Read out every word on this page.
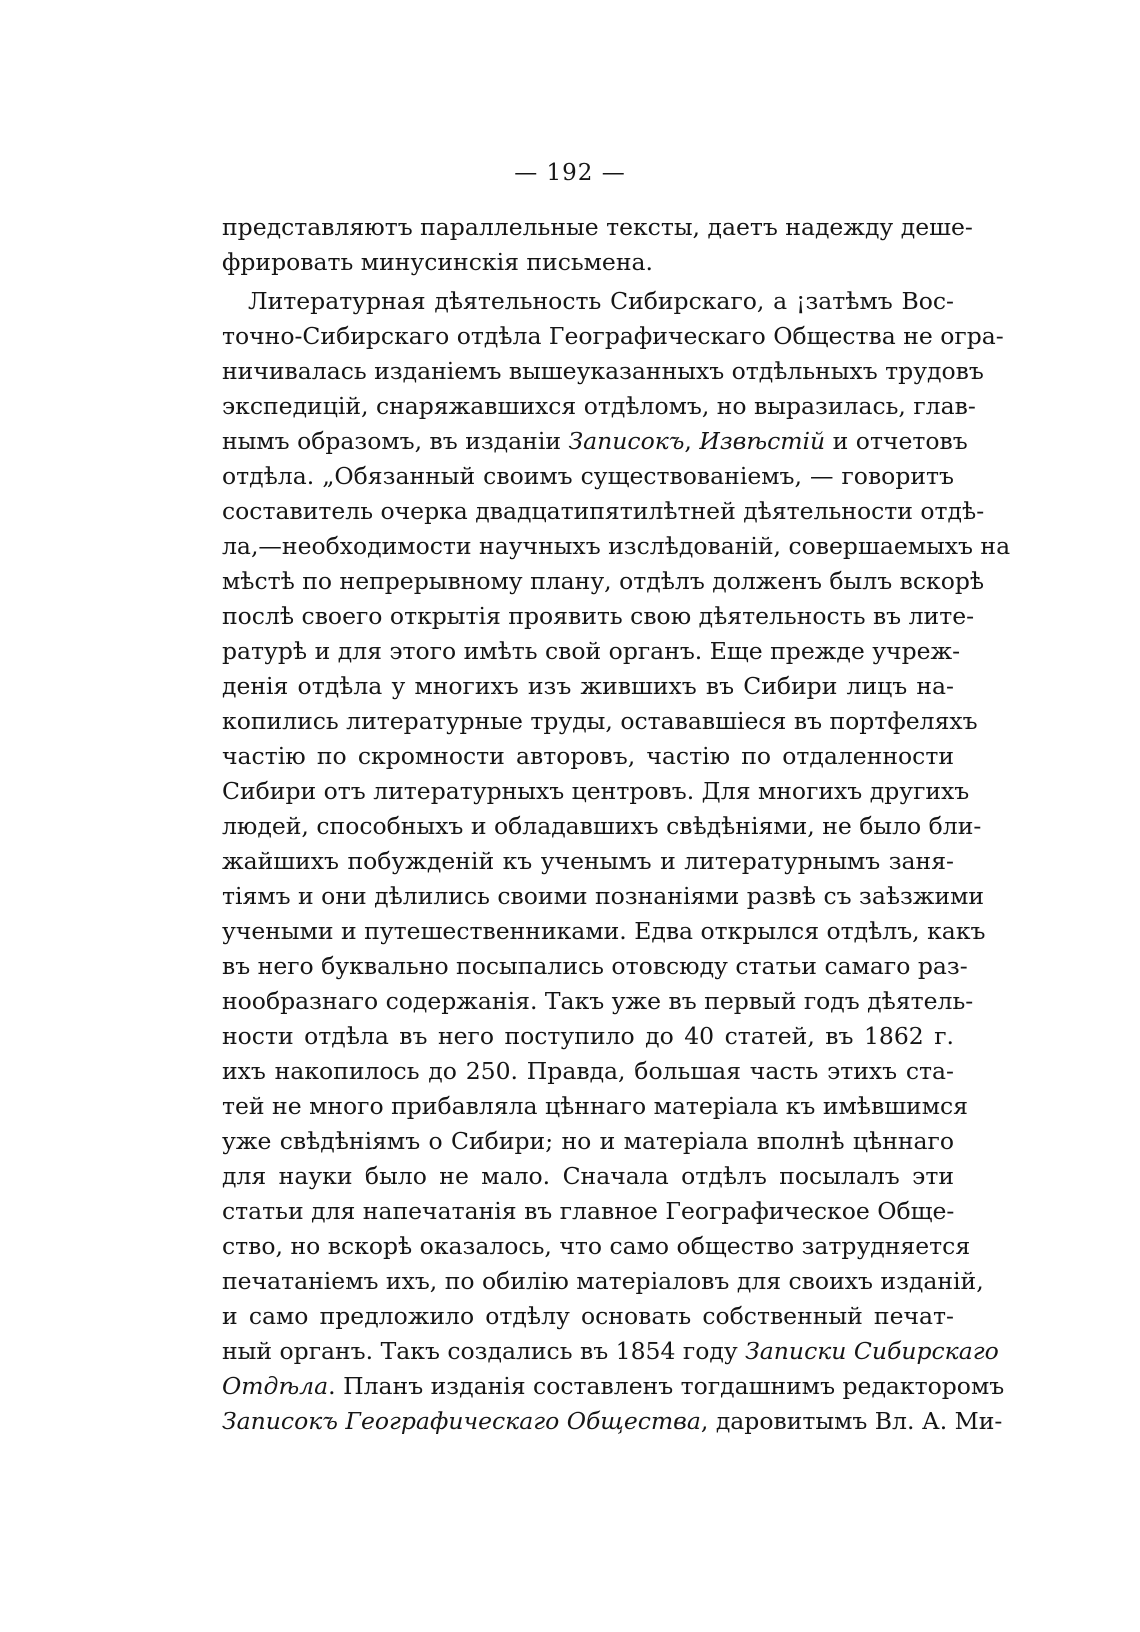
— 192 —
представляютъ параллельные тексты, даетъ надежду деше-
фрировать минусинскія письмена.
Литературная дѣятельность Сибирскаго, а ¡затѣмъ Вос-
точно-Сибирскаго отдѣла Географическаго Общества не огра-
ничивалась изданіемъ вышеуказанныхъ отдѣльныхъ трудовъ
экспедицій, снаряжавшихся отдѣломъ, но выразилась, глав-
нымъ образомъ, въ изданіи Записокъ, Извѣстій и отчетовъ
отдѣла. „Обязанный своимъ существованіемъ, — говоритъ
составитель очерка двадцатипятилѣтней дѣятельности отдѣ-
ла,—необходимости научныхъ изслѣдованій, совершаемыхъ на
мѣстѣ по непрерывному плану, отдѣлъ долженъ былъ вскорѣ
послѣ своего открытія проявить свою дѣятельность въ лите-
ратурѣ и для этого имѣть свой органъ. Еще прежде учреж-
денія отдѣла у многихъ изъ жившихъ въ Сибири лицъ на-
копились литературные труды, остававшіеся въ портфеляхъ
частію по скромности авторовъ, частію по отдаленности
Сибири отъ литературныхъ центровъ. Для многихъ другихъ
людей, способныхъ и обладавшихъ свѣдѣніями, не было бли-
жайшихъ побужденій къ ученымъ и литературнымъ заня-
тіямъ и они дѣлились своими познаніями развѣ съ заѣзжими
учеными и путешественниками. Едва открылся отдѣлъ, какъ
въ него буквально посыпались отовсюду статьи самаго раз-
нообразнаго содержанія. Такъ уже въ первый годъ дѣятель-
ности отдѣла въ него поступило до 40 статей, въ 1862 г.
ихъ накопилось до 250. Правда, большая часть этихъ ста-
тей не много прибавляла цѣннаго матеріала къ имѣвшимся
уже свѣдѣніямъ о Сибири; но и матеріала вполнѣ цѣннаго
для науки было не мало. Сначала отдѣлъ посылалъ эти
статьи для напечатанія въ главное Географическое Обще-
ство, но вскорѣ оказалось, что само общество затрудняется
печатаніемъ ихъ, по обилію матеріаловъ для своихъ изданій,
и само предложило отдѣлу основать собственный печат-
ный органъ. Такъ создались въ 1854 году Записки Сибирскаго
Отдѣла. Планъ изданія составленъ тогдашнимъ редакторомъ
Записокъ Географическаго Общества, даровитымъ Вл. А. Ми-
